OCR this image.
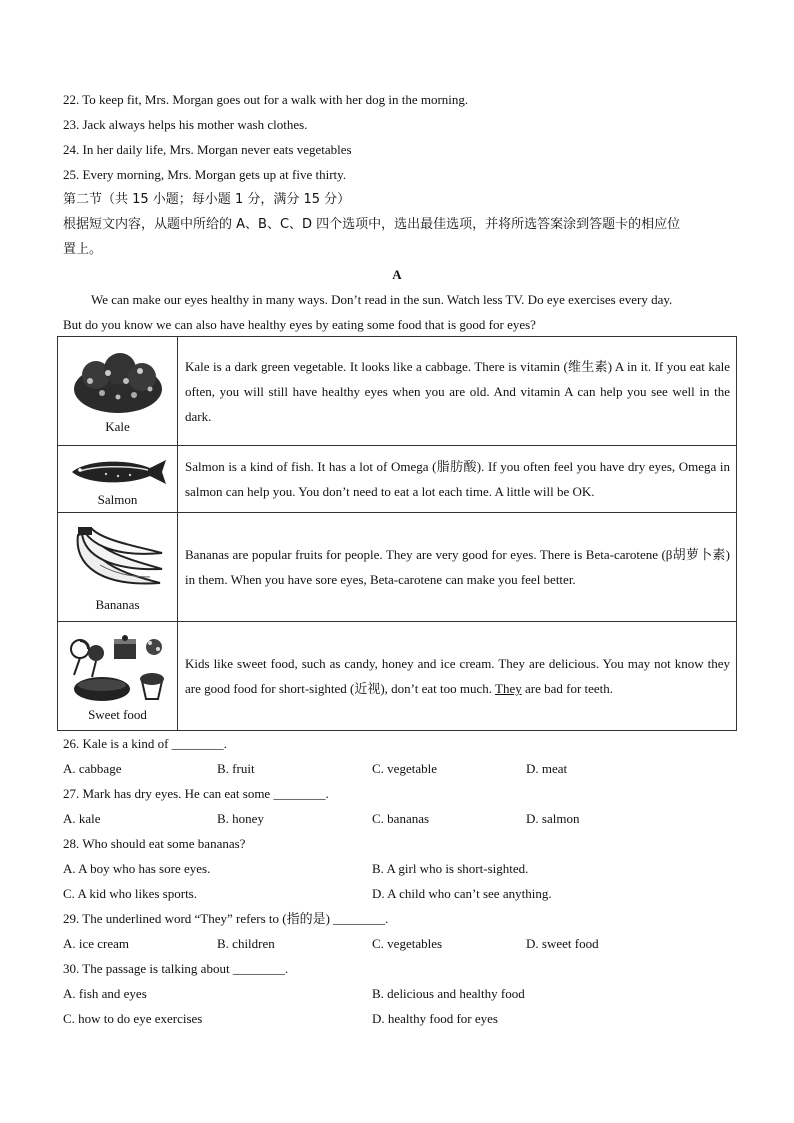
22. To keep fit, Mrs. Morgan goes out for a walk with her dog in the morning.
23. Jack always helps his mother wash clothes.
24. In her daily life, Mrs. Morgan never eats vegetables
25. Every morning, Mrs. Morgan gets up at five thirty.
第二节（共 15 小题；每小题 1 分，满分 15 分）
根据短文内容，从题中所给的 A、B、C、D 四个选项中，选出最佳选项，并将所选答案涂到答题卡的相应位
置上。
A
We can make our eyes healthy in many ways. Don’t read in the sun. Watch less TV. Do eye exercises every day.
But do you know we can also have healthy eyes by eating some food that is good for eyes?
Kale	Kale is a dark green vegetable. It looks like a cabbage. There is vitamin (维生素) A in it. If you eat kale often, you will still have healthy eyes when you are old. And vitamin A can help you see well in the dark.

Salmon	Salmon is a kind of fish. It has a lot of Omega (脂肪酸). If you often feel you have dry eyes, Omega in salmon can help you. You don’t need to eat a lot each time. A little will be OK.

Bananas	Bananas are popular fruits for people. They are very good for eyes. There is Beta-carotene (β胡萝卜素) in them. When you have sore eyes, Beta-carotene can make you feel better.

Sweet food	Kids like sweet food, such as candy, honey and ice cream. They are delicious. You may not know they are good food for short-sighted (近视), don’t eat too much. They are bad for teeth.
26. Kale is a kind of ________.
A. cabbage	B. fruit	C. vegetable	D. meat
27. Mark has dry eyes. He can eat some ________.
A. kale	B. honey	C. bananas	D. salmon
28. Who should eat some bananas?
A. A boy who has sore eyes.	B. A girl who is short-sighted.
C. A kid who likes sports.	D. A child who can’t see anything.
29. The underlined word “They” refers to (指的是) ________.
A. ice cream	B. children	C. vegetables	D. sweet food
30. The passage is talking about ________.
A. fish and eyes	B. delicious and healthy food
C. how to do eye exercises	D. healthy food for eyes
